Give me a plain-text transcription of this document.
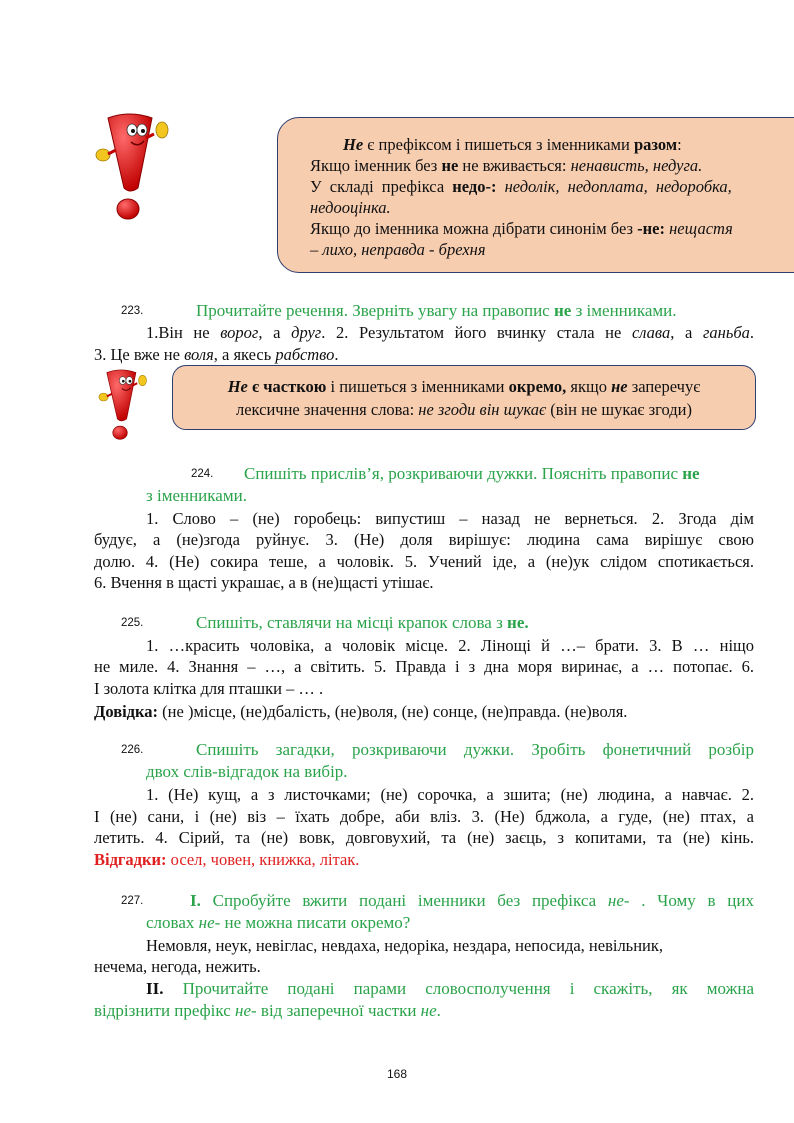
Не є префіксом і пишеться з іменниками разом:
Якщо іменник без не не вживається: ненависть, недуга.
У складі префікса недо-: недолік, недоплата, недоробка,
недооцінка.
Якщо до іменника можна дібрати синонім без -не: нещастя
– лихо, неправда - брехня
223.	Прочитайте речення. Зверніть увагу на правопис не з іменниками.
1.Він не ворог, а друг. 2. Результатом його вчинку стала не слава, а ганьба.
3. Це вже не воля, а якесь рабство.
Не є часткою і пишеться з іменниками окремо, якщо не заперечує
лексичне значення слова: не згоди він шукає (він не шукає згоди)
224. Спишіть прислів’я, розкриваючи дужки. Поясніть правопис не
з іменниками.
1. Слово – (не) горобець: випустиш – назад не вернеться. 2. Згода дім
будує, а (не)згода руйнує. 3. (Не) доля вирішує: людина сама вирішує свою
долю. 4. (Не) сокира теше, а чоловік. 5. Учений іде, а (не)ук слідом спотикається.
6. Вчення в щасті украшає, а в (не)щасті утішає.
225.	Спишіть, ставлячи на місці крапок слова з не.
1. …красить чоловіка, а чоловік місце. 2. Лінощі й …– брати. 3. В … ніщо
не миле. 4. Знання – …, а світить. 5. Правда і з дна моря виринає, а … потопає. 6.
І золота клітка для пташки – … .
Довідка: (не )місце, (не)дбалість, (не)воля, (не) сонце, (не)правда. (не)воля.
226.	Спишіть загадки, розкриваючи дужки. Зробіть фонетичний розбір
двох слів-відгадок на вибір.
1. (Не) кущ, а з листочками; (не) сорочка, а зшита; (не) людина, а навчає. 2.
І (не) сани, і (не) віз – їхать добре, аби вліз. 3. (Не) бджола, а гуде, (не) птах, а
летить. 4. Сірий, та (не) вовк, довговухий, та (не) заєць, з копитами, та (не) кінь.
Відгадки: осел, човен, книжка, літак.
227.	I. Спробуйте вжити подані іменники без префікса не- . Чому в цих
словах не- не можна писати окремо?
Немовля, неук, невіглас, невдаха, недоріка, нездара, непосида, невільник,
нечема, негода, нежить.
II. Прочитайте подані парами словосполучення і скажіть, як можна
відрізнити префікс не- від заперечної частки не.
168
